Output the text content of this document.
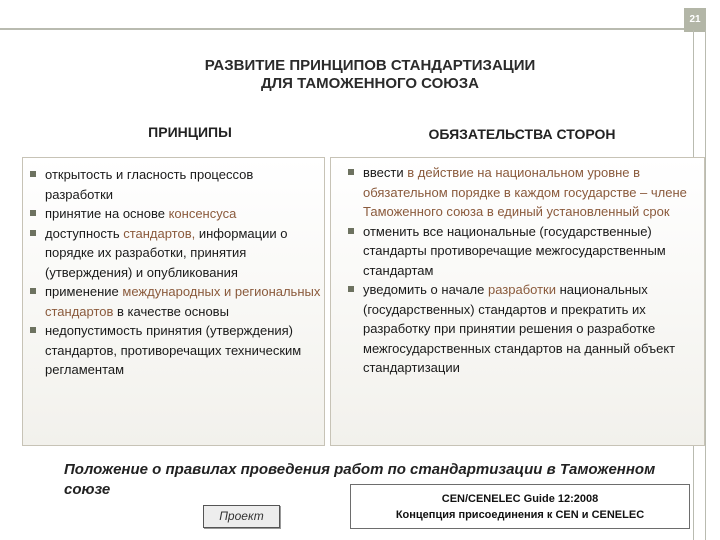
21
РАЗВИТИЕ ПРИНЦИПОВ СТАНДАРТИЗАЦИИ
ДЛЯ ТАМОЖЕННОГО СОЮЗА
ПРИНЦИПЫ	ОБЯЗАТЕЛЬСТВА СТОРОН
открытость и гласность процессов разработки
принятие на основе консенсуса
доступность стандартов, информации о порядке их разработки, принятия (утверждения) и опубликования
применение международных и региональных стандартов в качестве основы
недопустимость принятия (утверждения) стандартов, противоречащих техническим регламентам
ввести в действие на национальном уровне в обязательном порядке в каждом государстве – члене Таможенного союза в единый установленный срок
отменить все национальные (государственные) стандарты противоречащие межгосударственным стандартам
уведомить о начале разработки национальных (государственных) стандартов и прекратить их разработку при принятии решения о разработке межгосударственных стандартов на данный объект стандартизации
Положение о правилах проведения работ по стандартизации в Таможенном союзе
CEN/CENELEC Guide 12:2008
Концепция присоединения к CEN и CENELEC
Проект
